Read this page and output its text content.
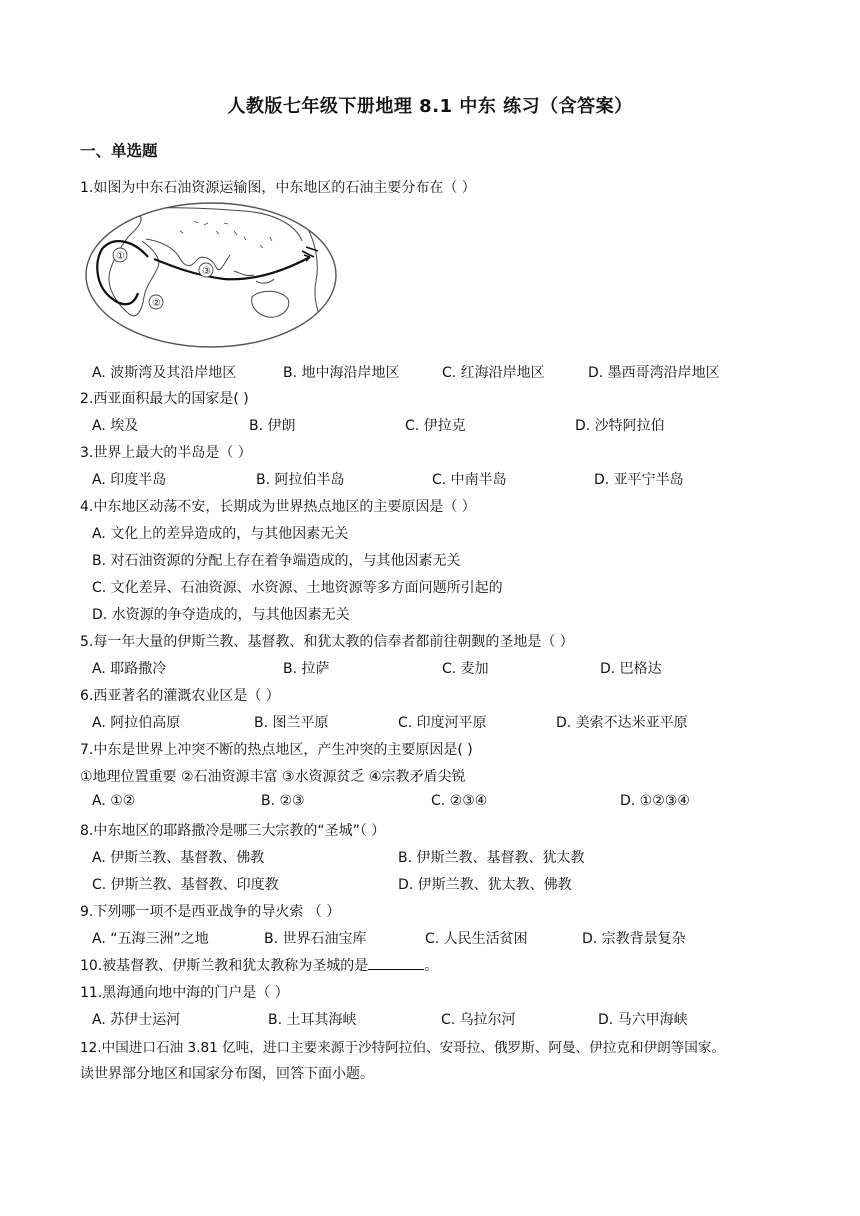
人教版七年级下册地理 8.1 中东 练习（含答案）
一、单选题
1.如图为中东石油资源运输图，中东地区的石油主要分布在（ ）
①
②
③
A. 波斯湾及其沿岸地区	B. 地中海沿岸地区	C. 红海沿岸地区	D. 墨西哥湾沿岸地区
2.西亚面积最大的国家是( )
A. 埃及	B. 伊朗	C. 伊拉克	D. 沙特阿拉伯
3.世界上最大的半岛是（ ）
A. 印度半岛	B. 阿拉伯半岛	C. 中南半岛	D. 亚平宁半岛
4.中东地区动荡不安，长期成为世界热点地区的主要原因是（ ）
A. 文化上的差异造成的，与其他因素无关
B. 对石油资源的分配上存在着争端造成的，与其他因素无关
C. 文化差异、石油资源、水资源、土地资源等多方面问题所引起的
D. 水资源的争夺造成的，与其他因素无关
5.每一年大量的伊斯兰教、基督教、和犹太教的信奉者都前往朝觐的圣地是（ ）
A. 耶路撒冷	B. 拉萨	C. 麦加	D. 巴格达
6.西亚著名的灌溉农业区是（ ）
A. 阿拉伯高原	B. 图兰平原	C. 印度河平原	D. 美索不达米亚平原
7.中东是世界上冲突不断的热点地区，产生冲突的主要原因是( )
①地理位置重要 ②石油资源丰富 ③水资源贫乏 ④宗教矛盾尖锐
A. ①②	B. ②③	C. ②③④	D. ①②③④
8.中东地区的耶路撒冷是哪三大宗教的“圣城”（ ）
A. 伊斯兰教、基督教、佛教	B. 伊斯兰教、基督教、犹太教
C. 伊斯兰教、基督教、印度教	D. 伊斯兰教、犹太教、佛教
9.下列哪一项不是西亚战争的导火索 （ ）
A. “五海三洲”之地	B. 世界石油宝库	C. 人民生活贫困	D. 宗教背景复杂
10.被基督教、伊斯兰教和犹太教称为圣城的是	。
11.黑海通向地中海的门户是（ ）
A. 苏伊士运河	B. 土耳其海峡	C. 乌拉尔河	D. 马六甲海峡
12.中国进口石油 3.81 亿吨，进口主要来源于沙特阿拉伯、安哥拉、俄罗斯、阿曼、伊拉克和伊朗等国家。
读世界部分地区和国家分布图，回答下面小题。
